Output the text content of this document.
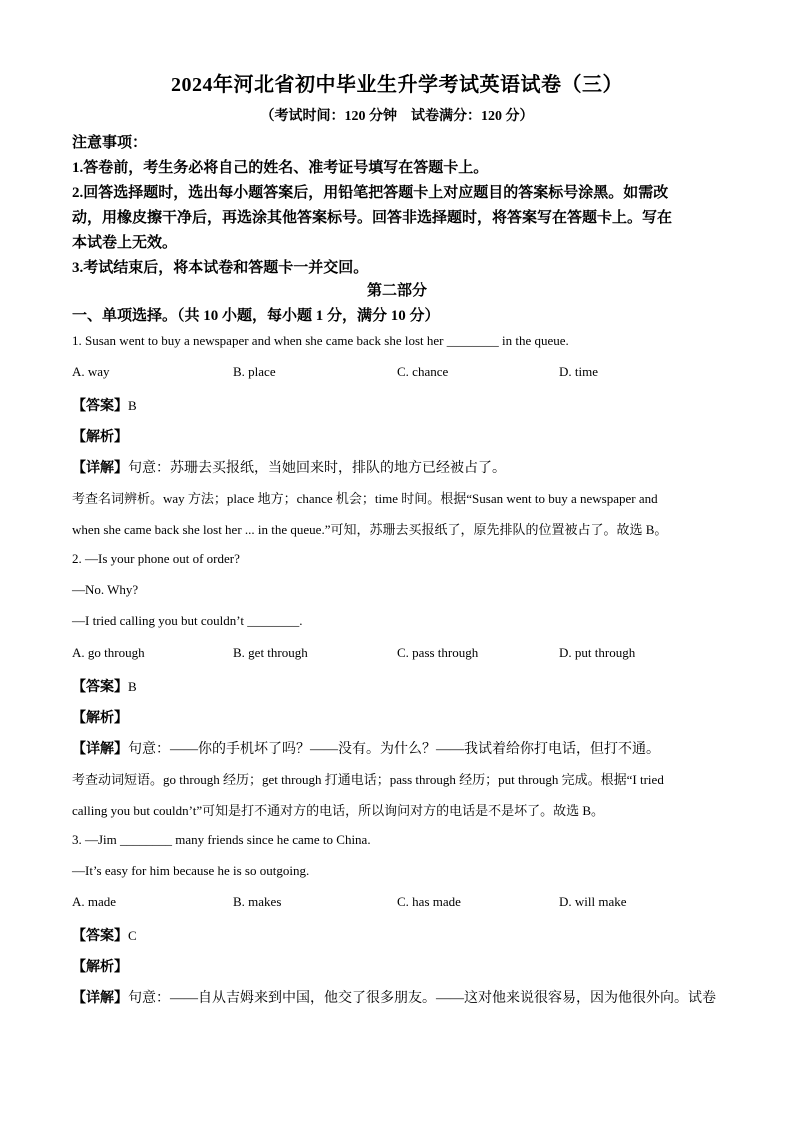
2024年河北省初中毕业生升学考试英语试卷（三）
（考试时间：120 分钟　试卷满分：120 分）
注意事项：
1.答卷前，考生务必将自己的姓名、准考证号填写在答题卡上。
2.回答选择题时，选出每小题答案后，用铅笔把答题卡上对应题目的答案标号涂黑。如需改
动，用橡皮擦干净后，再选涂其他答案标号。回答非选择题时，将答案写在答题卡上。写在
本试卷上无效。
3.考试结束后，将本试卷和答题卡一并交回。
第二部分
一、单项选择。（共 10 小题，每小题 1 分，满分 10 分）
1. Susan went to buy a newspaper and when she came back she lost her ________ in the queue.
A. way	B. place	C. chance	D. time
【答案】B
【解析】
【详解】句意：苏珊去买报纸，当她回来时，排队的地方已经被占了。
考查名词辨析。way 方法；place 地方；chance 机会；time 时间。根据“Susan went to buy a newspaper and
when she came back she lost her ... in the queue.”可知，苏珊去买报纸了，原先排队的位置被占了。故选 B。
2. —Is your phone out of order?
—No. Why?
—I tried calling you but couldn’t ________.
A. go through	B. get through	C. pass through	D. put through
【答案】B
【解析】
【详解】句意：——你的手机坏了吗？——没有。为什么？——我试着给你打电话，但打不通。
考查动词短语。go through 经历；get through 打通电话；pass through 经历；put through 完成。根据“I tried
calling you but couldn’t”可知是打不通对方的电话，所以询问对方的电话是不是坏了。故选 B。
3. —Jim ________ many friends since he came to China.
—It’s easy for him because he is so outgoing.
A. made	B. makes	C. has made	D. will make
【答案】C
【解析】
【详解】句意：——自从吉姆来到中国，他交了很多朋友。——这对他来说很容易，因为他很外向。试卷
